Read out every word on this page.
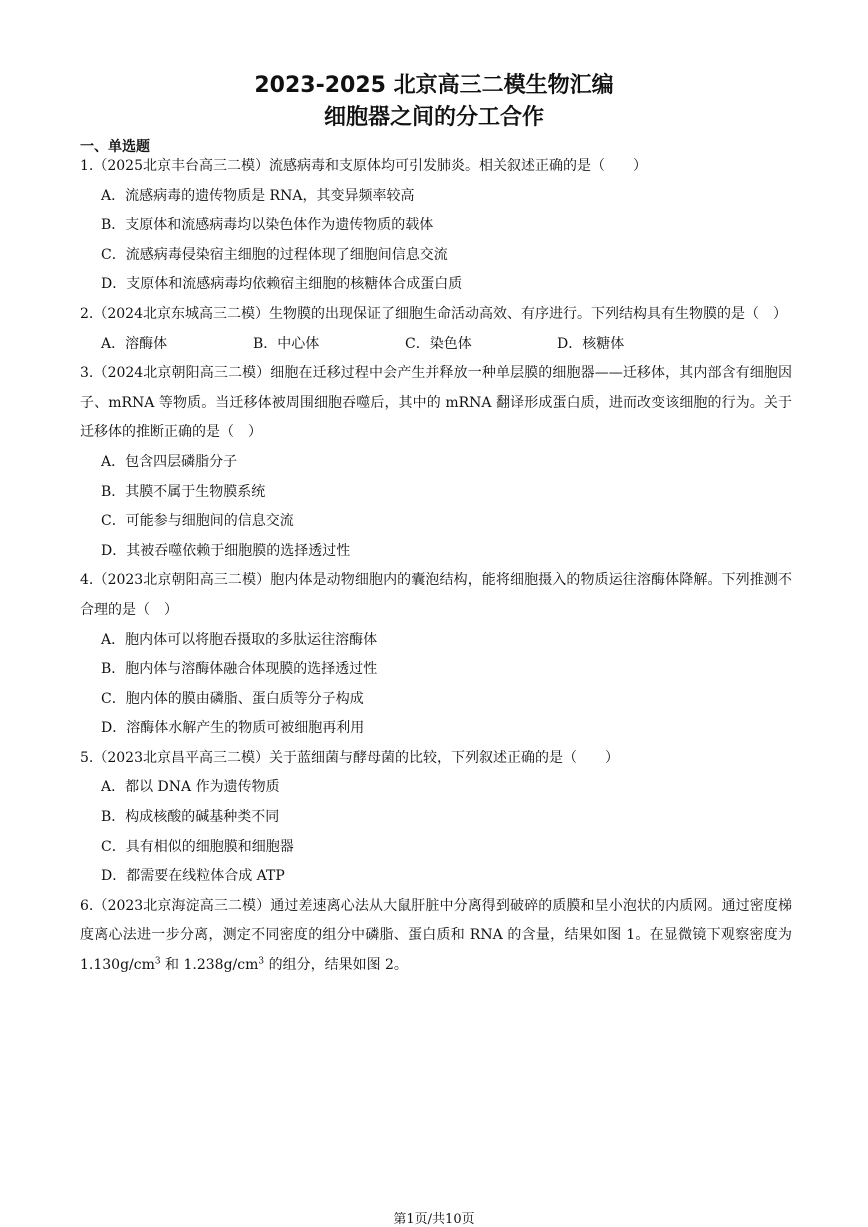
2023-2025 北京高三二模生物汇编
细胞器之间的分工合作
一、单选题
1.（2025北京丰台高三二模）流感病毒和支原体均可引发肺炎。相关叙述正确的是（　　）
A．流感病毒的遗传物质是 RNA，其变异频率较高
B．支原体和流感病毒均以染色体作为遗传物质的载体
C．流感病毒侵染宿主细胞的过程体现了细胞间信息交流
D．支原体和流感病毒均依赖宿主细胞的核糖体合成蛋白质
2.（2024北京东城高三二模）生物膜的出现保证了细胞生命活动高效、有序进行。下列结构具有生物膜的是（　）
A．溶酶体	B．中心体	C．染色体	D．核糖体
3.（2024北京朝阳高三二模）细胞在迁移过程中会产生并释放一种单层膜的细胞器——迁移体，其内部含有细胞因子、mRNA 等物质。当迁移体被周围细胞吞噬后，其中的 mRNA 翻译形成蛋白质，进而改变该细胞的行为。关于迁移体的推断正确的是（　）
A．包含四层磷脂分子
B．其膜不属于生物膜系统
C．可能参与细胞间的信息交流
D．其被吞噬依赖于细胞膜的选择透过性
4.（2023北京朝阳高三二模）胞内体是动物细胞内的囊泡结构，能将细胞摄入的物质运往溶酶体降解。下列推测不合理的是（　）
A．胞内体可以将胞吞摄取的多肽运往溶酶体
B．胞内体与溶酶体融合体现膜的选择透过性
C．胞内体的膜由磷脂、蛋白质等分子构成
D．溶酶体水解产生的物质可被细胞再利用
5.（2023北京昌平高三二模）关于蓝细菌与酵母菌的比较，下列叙述正确的是（　　）
A．都以 DNA 作为遗传物质
B．构成核酸的碱基种类不同
C．具有相似的细胞膜和细胞器
D．都需要在线粒体合成 ATP
6.（2023北京海淀高三二模）通过差速离心法从大鼠肝脏中分离得到破碎的质膜和呈小泡状的内质网。通过密度梯度离心法进一步分离，测定不同密度的组分中磷脂、蛋白质和 RNA 的含量，结果如图 1。在显微镜下观察密度为 $1.130g/cm^3$ 和 $1.238g/cm^3$ 的组分，结果如图 2。
第1页/共10页
